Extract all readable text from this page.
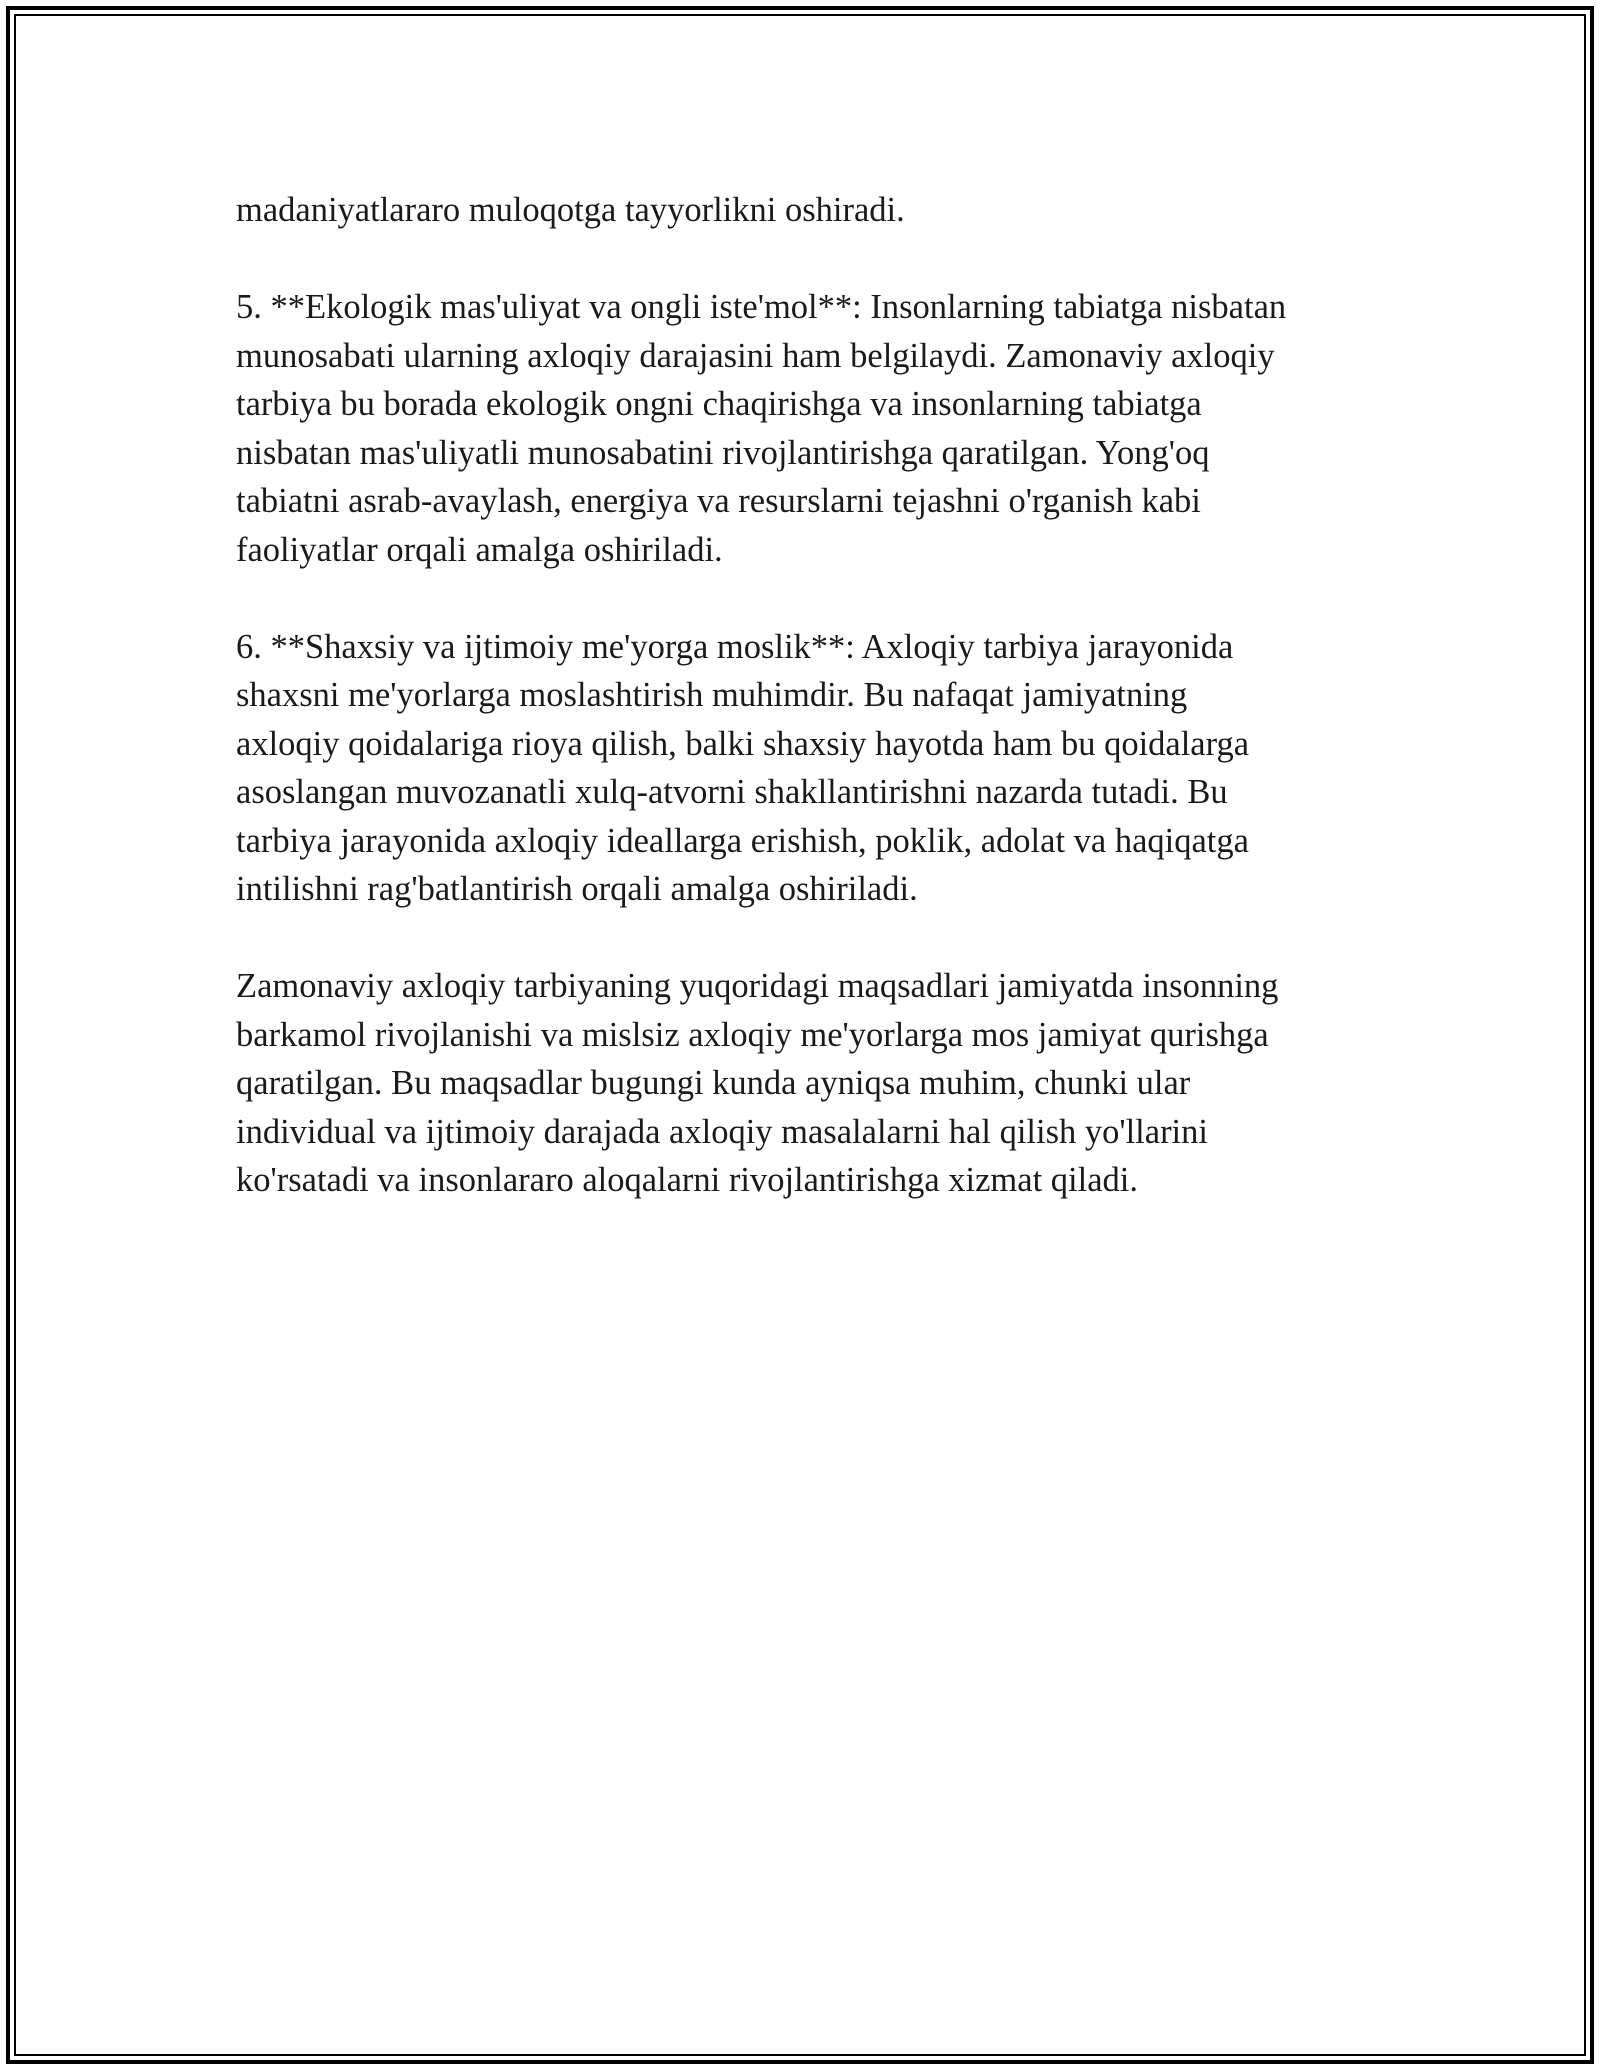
madaniyatlararo muloqotga tayyorlikni oshiradi.

5. **Ekologik mas'uliyat va ongli iste'mol**: Insonlarning tabiatga nisbatan
munosabati ularning axloqiy darajasini ham belgilaydi. Zamonaviy axloqiy
tarbiya bu borada ekologik ongni chaqirishga va insonlarning tabiatga
nisbatan mas'uliyatli munosabatini rivojlantirishga qaratilgan. Yong'oq
tabiatni asrab-avaylash, energiya va resurslarni tejashni o'rganish kabi
faoliyatlar orqali amalga oshiriladi.

6. **Shaxsiy va ijtimoiy me'yorga moslik**: Axloqiy tarbiya jarayonida
shaxsni me'yorlarga moslashtirish muhimdir. Bu nafaqat jamiyatning
axloqiy qoidalariga rioya qilish, balki shaxsiy hayotda ham bu qoidalarga
asoslangan muvozanatli xulq-atvorni shakllantirishni nazarda tutadi. Bu
tarbiya jarayonida axloqiy ideallarga erishish, poklik, adolat va haqiqatga
intilishni rag'batlantirish orqali amalga oshiriladi.

Zamonaviy axloqiy tarbiyaning yuqoridagi maqsadlari jamiyatda insonning
barkamol rivojlanishi va mislsiz axloqiy me'yorlarga mos jamiyat qurishga
qaratilgan. Bu maqsadlar bugungi kunda ayniqsa muhim, chunki ular
individual va ijtimoiy darajada axloqiy masalalarni hal qilish yo'llarini
ko'rsatadi va insonlararo aloqalarni rivojlantirishga xizmat qiladi.
